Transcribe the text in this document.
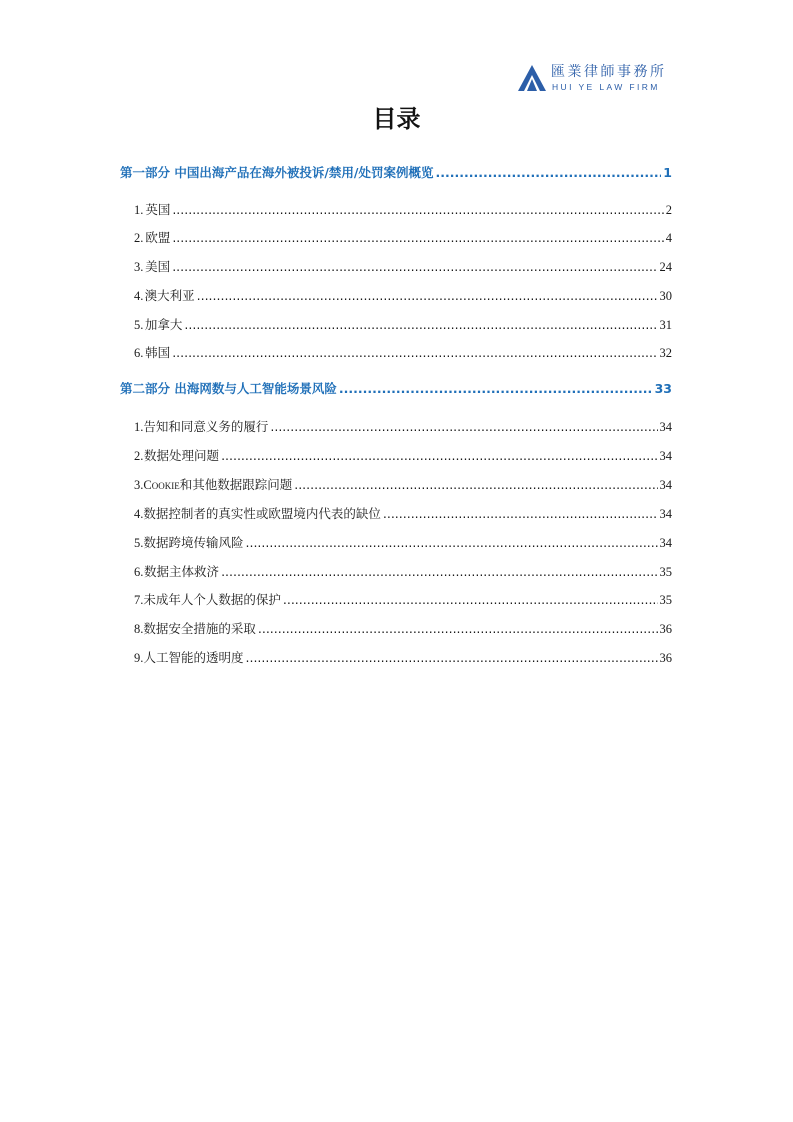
匯業律師事務所
HUI YE LAW FIRM
目录
第一部分 中国出海产品在海外被投诉/禁用/处罚案例概览 .....	1
1. 英国 .....	2
2. 欧盟 .....	4
3. 美国 .....	24
4. 澳大利亚 .....	30
5. 加拿大 .....	31
6. 韩国 .....	32
第二部分 出海网数与人工智能场景风险 .....	33
1. 告知和同意义务的履行 .....	34
2. 数据处理问题 .....	34
3. Cookie 和其他数据跟踪问题 .....	34
4. 数据控制者的真实性或欧盟境内代表的缺位 .....	34
5. 数据跨境传输风险 .....	34
6. 数据主体救济 .....	35
7. 未成年人个人数据的保护 .....	35
8. 数据安全措施的采取 .....	36
9. 人工智能的透明度 .....	36
